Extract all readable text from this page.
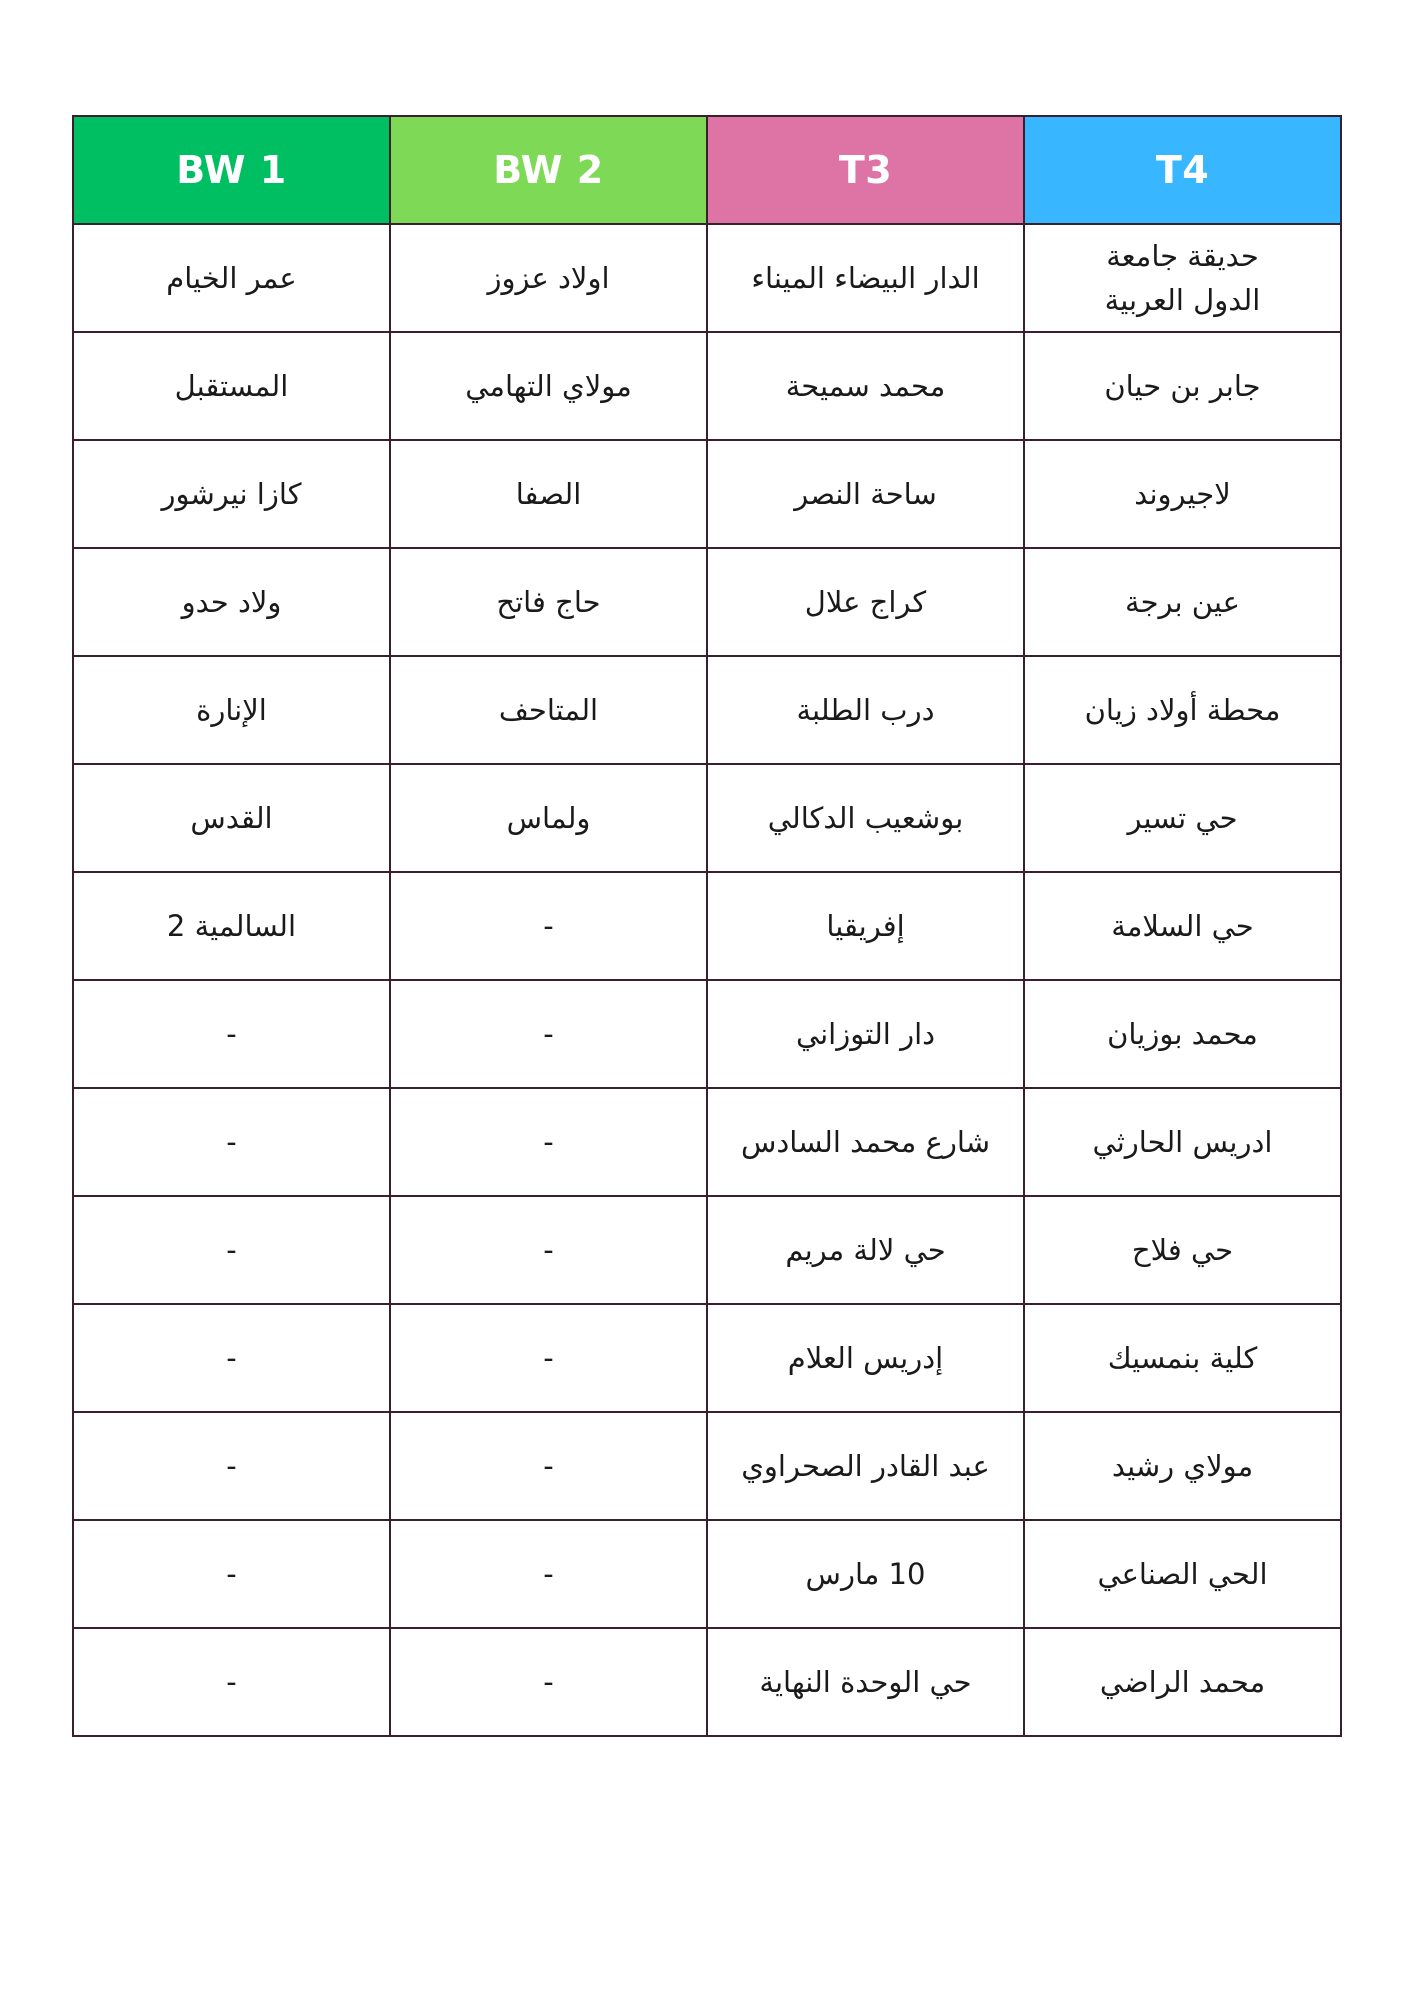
BW 1	BW 2	T3	T4
عمر الخيام	اولاد عزوز	الدار البيضاء الميناء	حديقة جامعة الدول العربية
المستقبل	مولاي التهامي	محمد سميحة	جابر بن حيان
كازا نيرشور	الصفا	ساحة النصر	لاجيروند
ولاد حدو	حاج فاتح	كراج علال	عين برجة
الإنارة	المتاحف	درب الطلبة	محطة أولاد زيان
القدس	ولماس	بوشعيب الدكالي	حي تسير
السالمية 2	-	إفريقيا	حي السلامة
-	-	دار التوزاني	محمد بوزيان
-	-	شارع محمد السادس	ادريس الحارثي
-	-	حي لالة مريم	حي فلاح
-	-	إدريس العلام	كلية بنمسيك
-	-	عبد القادر الصحراوي	مولاي رشيد
-	-	10 مارس	الحي الصناعي
-	-	حي الوحدة النهاية	محمد الراضي
